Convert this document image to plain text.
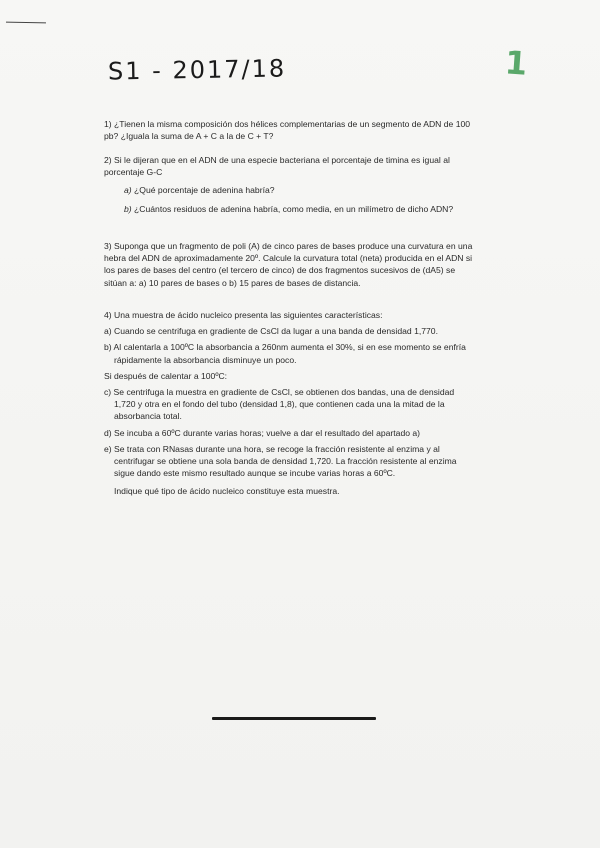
S1 - 2017/18	1

1) ¿Tienen la misma composición dos hélices complementarias de un segmento de ADN de 100 pb? ¿Iguala la suma de A + C a la de C + T?

2) Si le dijeran que en el ADN de una especie bacteriana el porcentaje de timina es igual al porcentaje G-C

a) ¿Qué porcentaje de adenina habría?

b) ¿Cuántos residuos de adenina habría, como media, en un milímetro de dicho ADN?

3) Suponga que un fragmento de poli (A) de cinco pares de bases produce una curvatura en una hebra del ADN de aproximadamente 20º. Calcule la curvatura total (neta) producida en el ADN si los pares de bases del centro (el tercero de cinco) de dos fragmentos sucesivos de (dA5) se sitúan a: a) 10 pares de bases o b) 15 pares de bases de distancia.

4) Una muestra de ácido nucleico presenta las siguientes características:

a) Cuando se centrifuga en gradiente de CsCl da lugar a una banda de densidad 1,770.

b) Al calentarla a 100ºC la absorbancia a 260nm aumenta el 30%, si en ese momento se enfría rápidamente la absorbancia disminuye un poco.

Si después de calentar a 100ºC:

c) Se centrifuga la muestra en gradiente de CsCl, se obtienen dos bandas, una de densidad 1,720 y otra en el fondo del tubo (densidad 1,8), que contienen cada una la mitad de la absorbancia total.

d) Se incuba a 60ºC durante varias horas; vuelve a dar el resultado del apartado a)

e) Se trata con RNasas durante una hora, se recoge la fracción resistente al enzima y al centrifugar se obtiene una sola banda de densidad 1,720. La fracción resistente al enzima sigue dando este mismo resultado aunque se incube varias horas a 60ºC.

Indique qué tipo de ácido nucleico constituye esta muestra.
